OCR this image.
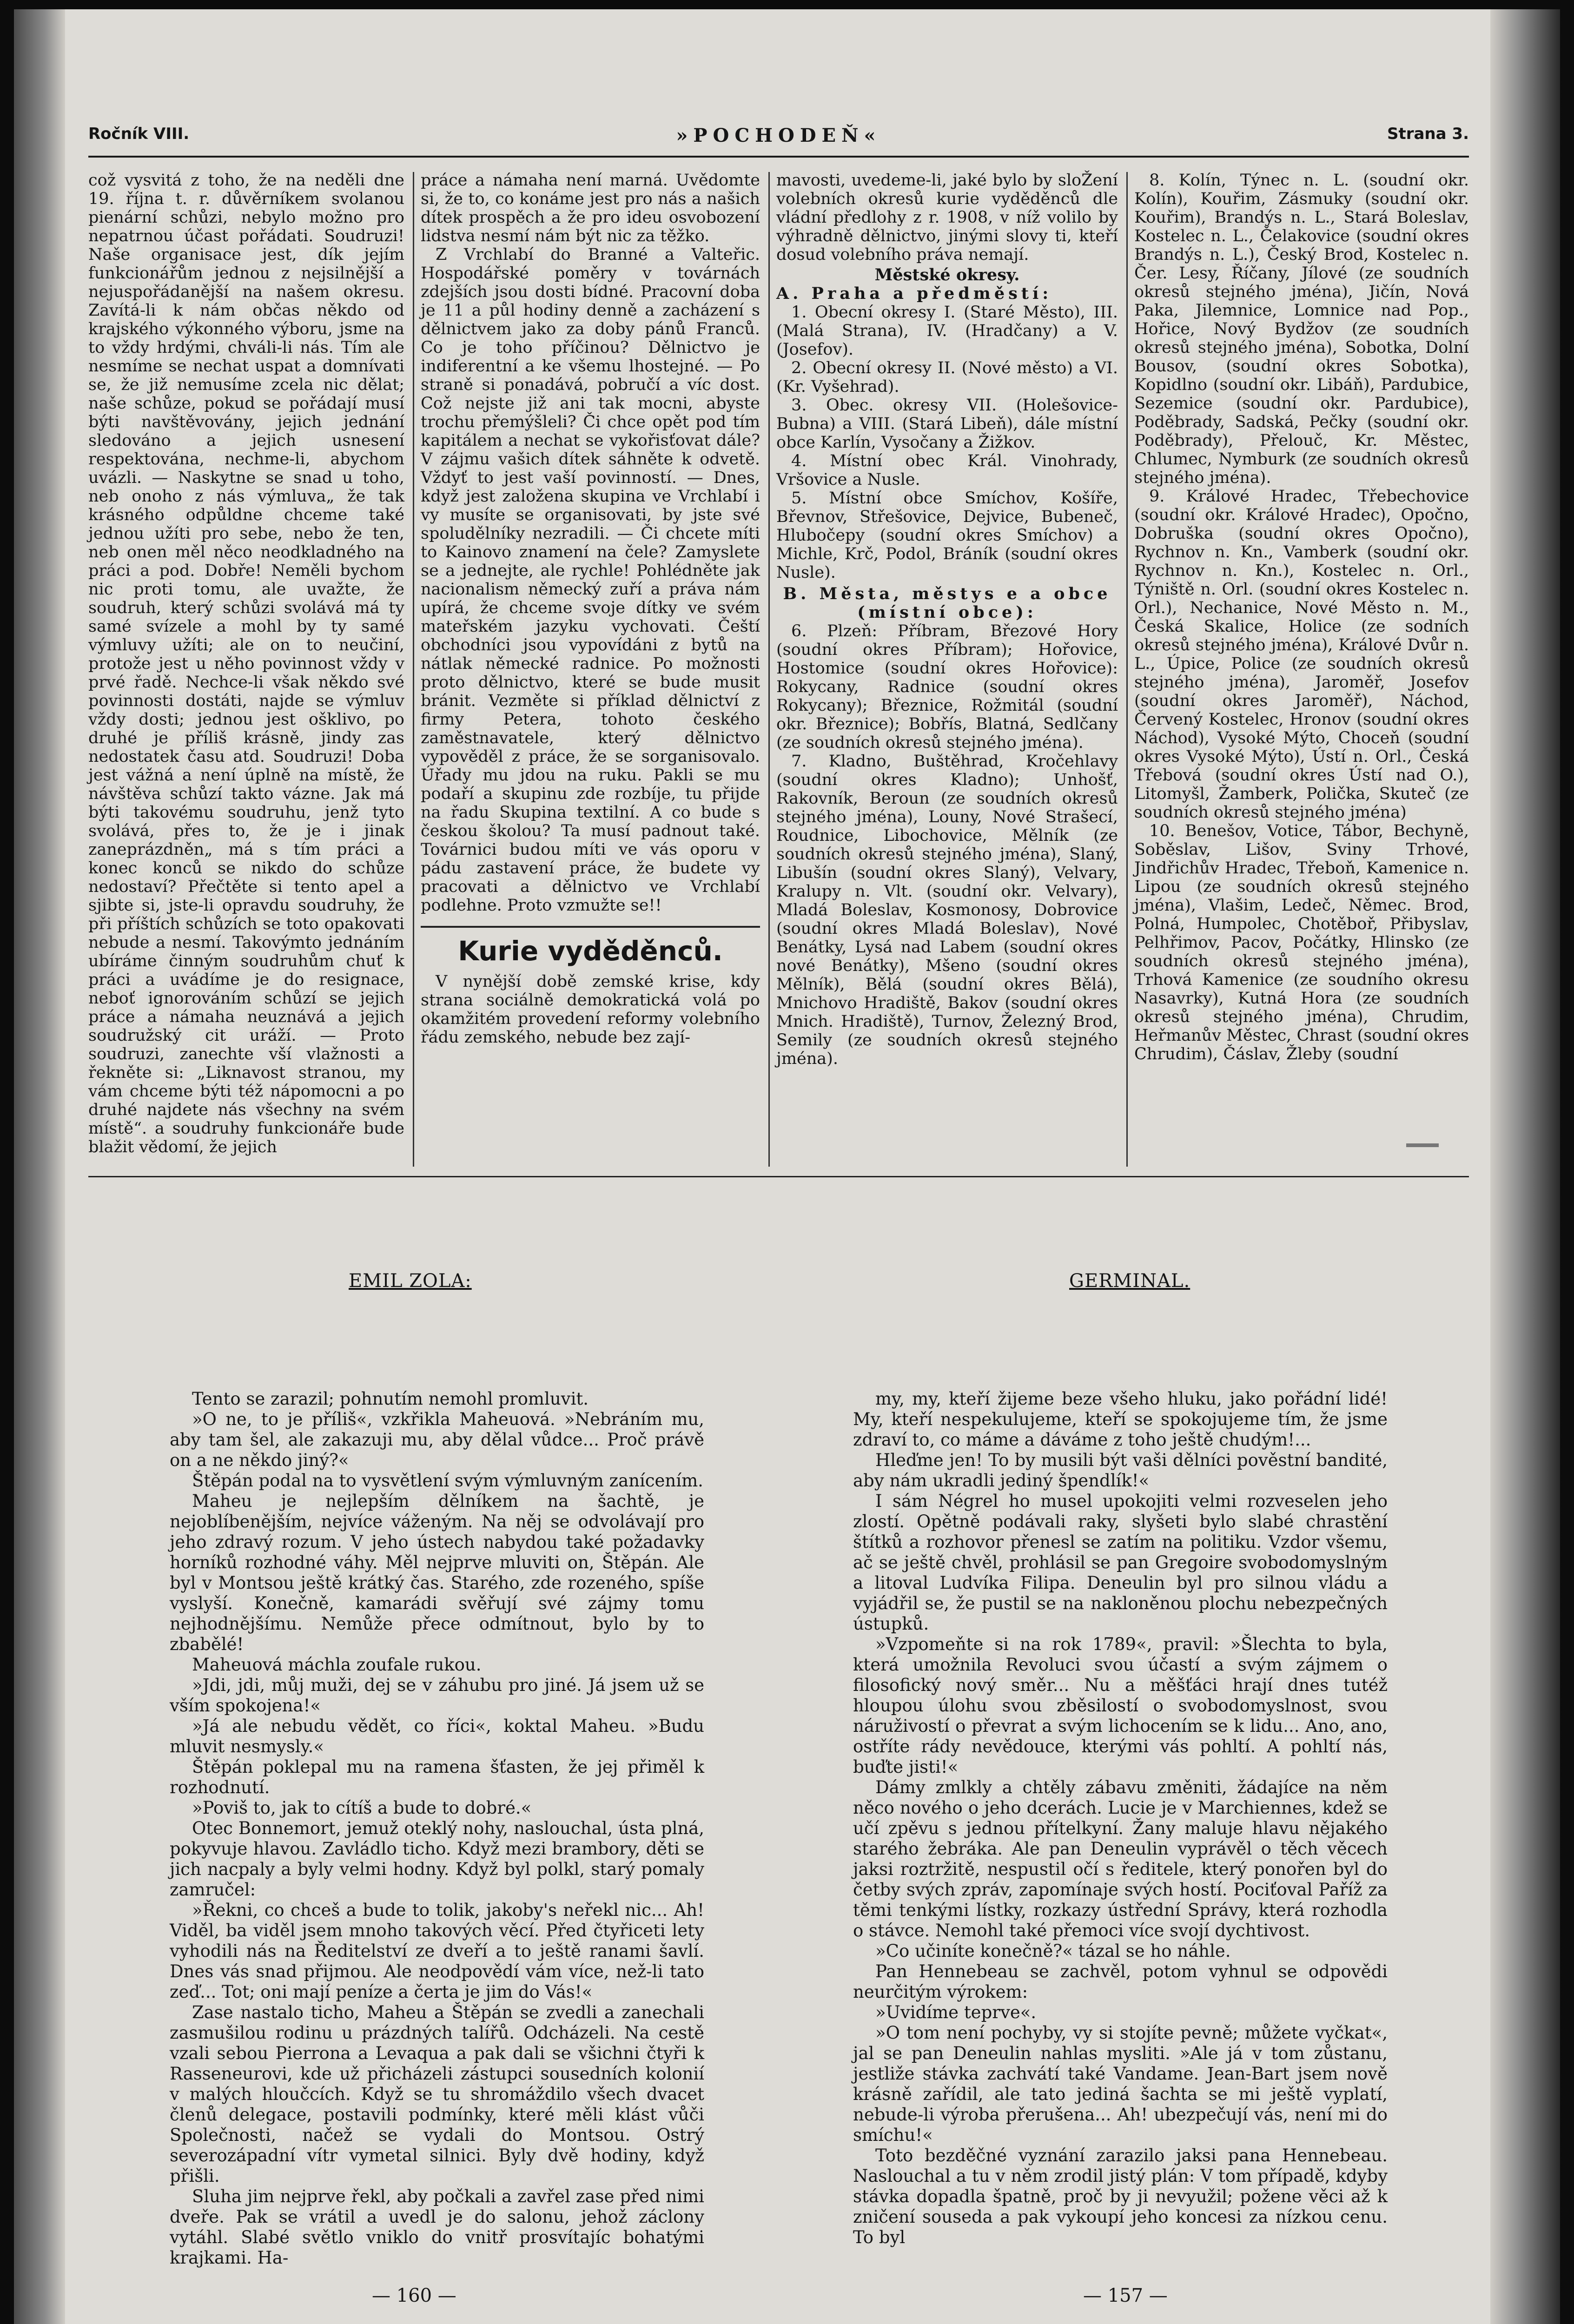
Ročník VIII.	»POCHODEŇ«	Strana 3.

což vysvitá z toho, že na neděli dne 19. října t. r. důvěrníkem svolanou pienární schůzi, nebylo možno pro nepatrnou účast pořádati. Soudruzi! Naše organisace jest, dík jejím funkcionářům jednou z nejsilnější a nejuspořádanější na našem okresu. Zavítá-li k nám občas někdo od krajského výkonného výboru, jsme na to vždy hrdými, chváli-li nás. Tím ale nesmíme se nechat uspat a domnívati se, že již nemusíme zcela nic dělat; naše schůze, pokud se pořádají musí býti navštěvovány, jejich jednání sledováno a jejich usnesení respektována, nechme-li, abychom uvázli. — Naskytne se snad u toho, neb onoho z nás výmluva„ že tak krásného odpůldne chceme také jednou užíti pro sebe, nebo že ten, neb onen měl něco neodkladného na práci a pod. Dobře! Neměli bychom nic proti tomu, ale uvažte, že soudruh, který schůzi svolává má ty samé svízele a mohl by ty samé výmluvy užíti; ale on to neučiní, protože jest u něho povinnost vždy v prvé řadě. Nechce-li však někdo své povinnosti dostáti, najde se výmluv vždy dosti; jednou jest ošklivo, po druhé je příliš krásně, jindy zas nedostatek času atd. Soudruzi! Doba jest vážná a není úplně na místě, že návštěva schůzí takto vázne. Jak má býti takovému soudruhu, jenž tyto svolává, přes to, že je i jinak zaneprázdněn„ má s tím práci a konec konců se nikdo do schůze nedostaví? Přečtěte si tento apel a sjibte si, jste-li opravdu soudruhy, že při příštích schůzích se toto opakovati nebude a nesmí. Takovýmto jednáním ubíráme činným soudruhům chuť k práci a uvádíme je do resignace, neboť ignorováním schůzí se jejich práce a námaha neuznává a jejich soudružský cit uráží. — Proto soudruzi, zanechte vší vlažnosti a řekněte si: „Liknavost stranou, my vám chceme býti též nápomocni a po druhé najdete nás všechny na svém místě“. a soudruhy funkcionáře bude blažit vědomí, že jejich

práce a námaha není marná. Uvědomte si, že to, co konáme jest pro nás a našich dítek prospěch a že pro ideu osvobození lidstva nesmí nám být nic za těžko.

Z Vrchlabí do Branné a Valteřic. Hospodářské poměry v továrnách zdejších jsou dosti bídné. Pracovní doba je 11 a půl hodiny denně a zacházení s dělnictvem jako za doby pánů Franců. Co je toho příčinou? Dělnictvo je indiferentní a ke všemu lhostejné. — Po straně si ponadává, pobručí a víc dost. Což nejste již ani tak mocni, abyste trochu přemýšleli? Či chce opět pod tím kapitálem a nechat se vykořisťovat dále? V zájmu vašich dítek sáhněte k odvetě. Vždyť to jest vaší povinností. — Dnes, když jest založena skupina ve Vrchlabí i vy musíte se organisovati, by jste své spoludělníky nezradili. — Či chcete míti to Kainovo znamení na čele? Zamyslete se a jednejte, ale rychle! Pohlédněte jak nacionalism německý zuří a práva nám upírá, že chceme svoje dítky ve svém mateřském jazyku vychovati. Čeští obchodníci jsou vypovídáni z bytů na nátlak německé radnice. Po možnosti proto dělnictvo, které se bude musit bránit. Vezměte si příklad dělnictví z firmy Petera, tohoto českého zaměstnavatele, který dělnictvo vypověděl z práce, že se sorganisovalo. Úřady mu jdou na ruku. Pakli se mu podaří a skupinu zde rozbíje, tu přijde na řadu Skupina textilní. A co bude s českou školou? Ta musí padnout také. Továrnici budou míti ve vás oporu v pádu zastavení práce, že budete vy pracovati a dělnictvo ve Vrchlabí podlehne. Proto vzmužte se!!

Kurie vyděděnců.

V nynější době zemské krise, kdy strana sociálně demokratická volá po okamžitém provedení reformy volebního řádu zemského, nebude bez zají-

mavosti, uvedeme-li, jaké bylo by sloŽení volebních okresů kurie vyděděnců dle vládní předlohy z r. 1908, v níž volilo by výhradně dělnictvo, jinými slovy ti, kteří dosud volebního práva nemají.

Městské okresy.

A. Praha a předměstí:

1. Obecní okresy I. (Staré Město), III. (Malá Strana), IV. (Hradčany) a V. (Josefov).

2. Obecní okresy II. (Nové město) a VI. (Kr. Vyšehrad).

3. Obec. okresy VII. (Holešovice-Bubna) a VIII. (Stará Libeň), dále místní obce Karlín, Vysočany a Žižkov.

4. Místní obec Král. Vinohrady, Vršovice a Nusle.

5. Místní obce Smíchov, Košíře, Břevnov, Střešovice, Dejvice, Bubeneč, Hlubočepy (soudní okres Smíchov) a Michle, Krč, Podol, Bráník (soudní okres Nusle).

B. Města, městys e a obce (místní obce):

6. Plzeň: Příbram, Březové Hory (soudní okres Příbram); Hořovice, Hostomice (soudní okres Hořovice): Rokycany, Radnice (soudní okres Rokycany); Březnice, Rožmitál (soudní okr. Březnice); Bobřís, Blatná, Sedlčany (ze soudních okresů stejného jména).

7. Kladno, Buštěhrad, Kročehlavy (soudní okres Kladno); Unhošť, Rakovník, Beroun (ze soudních okresů stejného jména), Louny, Nové Strašecí, Roudnice, Libochovice, Mělník (ze soudních okresů stejného jména), Slaný, Libušín (soudní okres Slaný), Velvary, Kralupy n. Vlt. (soudní okr. Velvary), Mladá Boleslav, Kosmonosy, Dobrovice (soudní okres Mladá Boleslav), Nové Benátky, Lysá nad Labem (soudní okres nové Benátky), Mšeno (soudní okres Mělník), Bělá (soudní okres Bělá), Mnichovo Hradiště, Bakov (soudní okres Mnich. Hradiště), Turnov, Železný Brod, Semily (ze soudních okresů stejného jména).

8. Kolín, Týnec n. L. (soudní okr. Kolín), Kouřim, Zásmuky (soudní okr. Kouřim), Brandýs n. L., Stará Boleslav, Kostelec n. L., Čelakovice (soudní okres Brandýs n. L.), Český Brod, Kostelec n. Čer. Lesy, Říčany, Jílové (ze soudních okresů stejného jména), Jičín, Nová Paka, Jilemnice, Lomnice nad Pop., Hořice, Nový Bydžov (ze soudních okresů stejného jména), Sobotka, Dolní Bousov, (soudní okres Sobotka), Kopidlno (soudní okr. Libáň), Pardubice, Sezemice (soudní okr. Pardubice), Poděbrady, Sadská, Pečky (soudní okr. Poděbrady), Přelouč, Kr. Městec, Chlumec, Nymburk (ze soudních okresů stejného jména).

9. Králové Hradec, Třebechovice (soudní okr. Králové Hradec), Opočno, Dobruška (soudní okres Opočno), Rychnov n. Kn., Vamberk (soudní okr. Rychnov n. Kn.), Kostelec n. Orl., Týniště n. Orl. (soudní okres Kostelec n. Orl.), Nechanice, Nové Město n. M., Česká Skalice, Holice (ze sodních okresů stejného jména), Králové Dvůr n. L., Úpice, Police (ze soudních okresů stejného jména), Jaroměř, Josefov (soudní okres Jaroměř), Náchod, Červený Kostelec, Hronov (soudní okres Náchod), Vysoké Mýto, Choceň (soudní okres Vysoké Mýto), Ústí n. Orl., Česká Třebová (soudní okres Ústí nad O.), Litomyšl, Žamberk, Polička, Skuteč (ze soudních okresů stejného jména)

10. Benešov, Votice, Tábor, Bechyně, Soběslav, Lišov, Sviny Trhové, Jindřichův Hradec, Třeboň, Kamenice n. Lipou (ze soudních okresů stejného jména), Vlašim, Ledeč, Němec. Brod, Polná, Humpolec, Chotěboř, Přibyslav, Pelhřimov, Pacov, Počátky, Hlinsko (ze soudních okresů stejného jména), Trhová Kamenice (ze soudního okresu Nasavrky), Kutná Hora (ze soudních okresů stejného jména), Chrudim, Heřmanův Městec, Chrast (soudní okres Chrudim), Čáslav, Žleby (soudní

EMIL ZOLA:	GERMINAL.

Tento se zarazil; pohnutím nemohl promluvit.

»O ne, to je příliš«, vzkřikla Maheuová. »Nebráním mu, aby tam šel, ale zakazuji mu, aby dělal vůdce... Proč právě on a ne někdo jiný?«

Štěpán podal na to vysvětlení svým výmluvným zanícením.

Maheu je nejlepším dělníkem na šachtě, je nejoblíbenějším, nejvíce váženým. Na něj se odvolávají pro jeho zdravý rozum. V jeho ústech nabydou také požadavky horníků rozhodné váhy. Měl nejprve mluviti on, Štěpán. Ale byl v Montsou ještě krátký čas. Starého, zde rozeného, spíše vyslyší. Konečně, kamarádi svěřují své zájmy tomu nejhodnějšímu. Nemůže přece odmítnout, bylo by to zbabělé!

Maheuová máchla zoufale rukou.

»Jdi, jdi, můj muži, dej se v záhubu pro jiné. Já jsem už se vším spokojena!«

»Já ale nebudu vědět, co říci«, koktal Maheu. »Budu mluvit nesmysly.«

Štěpán poklepal mu na ramena šťasten, že jej přiměl k rozhodnutí.

»Poviš to, jak to cítíš a bude to dobré.«

Otec Bonnemort, jemuž oteklý nohy, naslouchal, ústa plná, pokyvuje hlavou. Zavládlo ticho. Když mezi brambory, děti se jich nacpaly a byly velmi hodny. Když byl polkl, starý pomaly zamručel:

»Řekni, co chceš a bude to tolik, jakoby's neřekl nic... Ah! Viděl, ba viděl jsem mnoho takových věcí. Před čtyřiceti lety vyhodili nás na Ředitelství ze dveří a to ještě ranami šavlí. Dnes vás snad přijmou. Ale neodpovědí vám více, než-li tato zeď... Tot; oni mají peníze a čerta je jim do Vás!«

Zase nastalo ticho, Maheu a Štěpán se zvedli a zanechali zasmušilou rodinu u prázdných talířů. Odcházeli. Na cestě vzali sebou Pierrona a Levaqua a pak dali se všichni čtyři k Rasseneurovi, kde už přicházeli zástupci sousedních kolonií v malých hloučcích. Když se tu shromáždilo všech dvacet členů delegace, postavili podmínky, které měli klást vůči Společnosti, načež se vydali do Montsou. Ostrý severozápadní vítr vymetal silnici. Byly dvě hodiny, když přišli.

Sluha jim nejprve řekl, aby počkali a zavřel zase před nimi dveře. Pak se vrátil a uvedl je do salonu, jehož záclony vytáhl. Slabé světlo vniklo do vnitř prosvítajíc bohatými krajkami. Ha-

my, my, kteří žijeme beze všeho hluku, jako pořádní lidé! My, kteří nespekulujeme, kteří se spokojujeme tím, že jsme zdraví to, co máme a dáváme z toho ještě chudým!...

Hleďme jen! To by musili být vaši dělníci pověstní bandité, aby nám ukradli jediný špendlík!«

I sám Négrel ho musel upokojiti velmi rozveselen jeho zlostí. Opětně podávali raky, slyšeti bylo slabé chrastění štítků a rozhovor přenesl se zatím na politiku. Vzdor všemu, ač se ještě chvěl, prohlásil se pan Gregoire svobodomyslným a litoval Ludvíka Filipa. Deneulin byl pro silnou vládu a vyjádřil se, že pustil se na nakloněnou plochu nebezpečných ústupků.

»Vzpomeňte si na rok 1789«, pravil: »Šlechta to byla, která umožnila Revoluci svou účastí a svým zájmem o filosofický nový směr... Nu a měšťáci hrají dnes tutéž hloupou úlohu svou zběsilostí o svobodomyslnost, svou náruživostí o převrat a svým lichocením se k lidu... Ano, ano, ostříte rády nevědouce, kterými vás pohltí. A pohltí nás, buďte jisti!«

Dámy zmlkly a chtěly zábavu změniti, žádajíce na něm něco nového o jeho dcerách. Lucie je v Marchiennes, kdež se učí zpěvu s jednou přítelkyní. Žany maluje hlavu nějakého starého žebráka. Ale pan Deneulin vyprávěl o těch věcech jaksi roztržitě, nespustil očí s ředitele, který ponořen byl do četby svých zpráv, zapomínaje svých hostí. Pociťoval Paříž za těmi tenkými lístky, rozkazy ústřední Správy, která rozhodla o stávce. Nemohl také přemoci více svojí dychtivost.

»Co učiníte konečně?« tázal se ho náhle.

Pan Hennebeau se zachvěl, potom vyhnul se odpovědi neurčitým výrokem:

»Uvidíme teprve«.

»O tom není pochyby, vy si stojíte pevně; můžete vyčkat«, jal se pan Deneulin nahlas mysliti. »Ale já v tom zůstanu, jestliže stávka zachvátí také Vandame. Jean-Bart jsem nově krásně zařídil, ale tato jediná šachta se mi ještě vyplatí, nebude-li výroba přerušena... Ah! ubezpečují vás, není mi do smíchu!«

Toto bezděčné vyznání zarazilo jaksi pana Hennebeau. Naslouchal a tu v něm zrodil jistý plán: V tom případě, kdyby stávka dopadla špatně, proč by ji nevyužil; požene věci až k zničení souseda a pak vykoupí jeho koncesi za nízkou cenu. To byl

— 160 —	— 157 —
